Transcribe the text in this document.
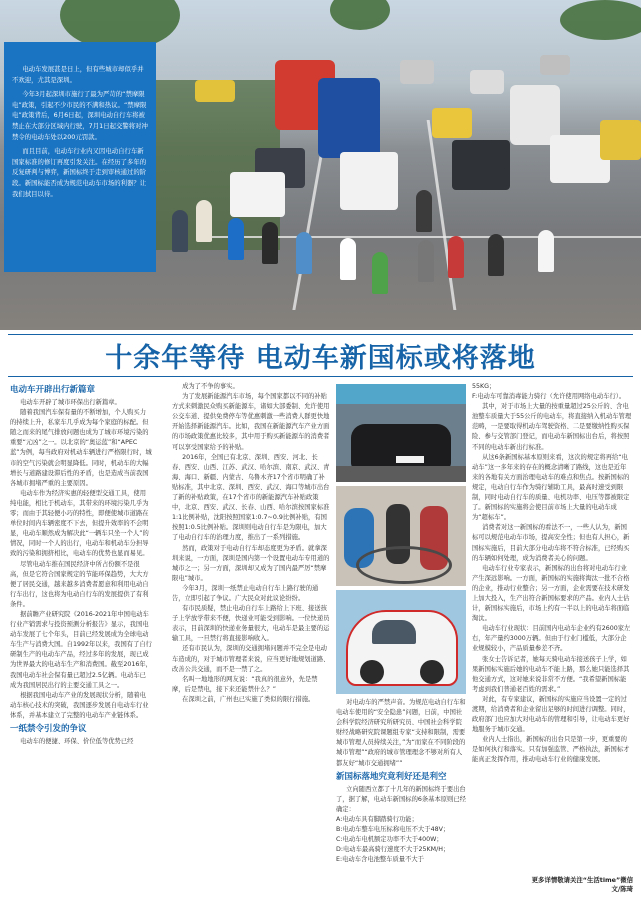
电动车发展甚是日上，但有些城市却似乎并不欢迎，尤其是深圳。

今年3月起深圳市施行了最为严苛的“禁摩限电”政策，引起不少市民的不满和热议。“禁摩限电”政策背后，6月6日起，深圳电动自行车将被禁止在大部分区域内行驶，7月1日起交警将对冲禁令的电动车处以200元罚款。

而且目前，电动车行业内又因电动自行车新国家标准的修订再度引发关注。在经历了多年的反复研判与博弈，新国标终于走到审核通过的阶段。新国标能否成为规范电动车市场的利器？让我们拭目以待。

十余年等待 电动车新国标或将落地
电动车开辟出行新篇章

电动车开辟了城市环保出行新篇章。

随着我国汽车保有量的不断增加，个人购买力的持续上升，私家车几乎成为每个家庭的标配。但随之而来的尾气排放问题也成为了城市环境污染的重要“元凶”之一。以北京的“奥运蓝”和“APEC蓝”为例，每当政府对机动车辆进行严格限行时，城市的空气污染就会明显降低。同时，机动车的大幅增长与道路建设滞后性的矛盾，也是造成当前我国各城市拥堵严重的主要原因。

电动车作为经济实惠的轻便型交通工具，使用纯电能，相比于机动车，其带来的环境污染几乎为零；而由于其轻便小巧的特性，即便使城市道路在单位时间内车辆密度不下去，但提升效率的不会明显，电动车顺然成为解决此“一辆车只坐一个人”的情况，同时一个人的出行，电动车和机动车分担导致的污染和拥挤相比，电动车的优势也显而易见。

尽管电动车推在国民经济中所占份额不是很高，但是它符合国家规定的节能环保趋势，大大方便了居民交通，越来越多消费者愿意和利用电动自行车出行，这也将为电动自行车的发展提供了有利条件。

据前瞻产业研究院《2016-2021年中国电动车行业产销需求与投资预测分析报告》显示，我国电动车发展了七个年头，目前已经发展成为全球电动车生产与消费大国。自1992年以来，我国有了自行研制生产的电动车产品，经过多年的发展，现已成为世界最大的电动车生产和消费国。截至2016年，我国电动车社会保有量已超过2.5亿辆。电动车已成为我国居民出行的主要交通工具之一。

根据我国电动车产业的发展现状分析，随着电动车核心技术的突破，我国逐步发展自电动车行业体系，并基本建立了完整的电动车产业链体系。

一纸禁令引发的争议

电动车的便捷、环保、价位低等优势已经

成为了不争的事实。

为了发展新能源汽车市场，每个国家都以不同的补贴方式来刺激民众购买新能源车，诸如大部委制、允许使用公交车道、提供免费停车等优惠刺激一些消费人群更快地开始选择新能源汽车。比如，我国在新能源汽车产业方面的市场政策优惠比较多，其中用于购买新能源车的消费者可以享受国家给予的补贴。

2016年，全国已有北京、深圳、西安、河北、长春、西安、山西、江苏、武汉、哈尔滨、南京、武汉、青海、海口、新疆、内蒙古、乌鲁木齐17个省市明确了补贴标准，其中北京、深圳、西安、武汉、海口等城市出台了新的补贴政策，在17个省市的新能源汽车补贴政策中，北京、西安、武汉、长春、山西、哈尔滨按国家标准1:1比例补贴，沈阳按照国家1:0.7~0.9比例补贴，有国按照1:0.5比例补贴。深圳则电动自行车是为限电，加大了电动自行车的治理力度，推出了一系列措施。

然而，政策对于电动自行车却态度更为矛盾。就拿深圳来说，一方面，深圳是国内第一个设置电动车专用道的城市之一；另一方面，深圳却又成为了国内最严厉“禁摩限电”城市。

今年3月，深圳一纸禁止电动自行车上路行驶的通告，立即引起了争议。广大民众对此议论纷纷。

有市民质疑，禁止电动自行车上路给上下班、接送孩子上学放学带来不便，快递业可能受到影响。一位快递员表示，目前深圳的快递业务量很大，电动车是最主要的运输工具，一旦禁行将直接影响收入。

还有市民认为，深圳的交通拥堵问题并不完全是电动车造成的，对于城市管理者来说，应当更好地规划道路、改善公共交通，而不是一禁了之。

名叫一地地形的网友说：“我真的很意外，先是禁摩，后是禁电，接下来还能禁什么？”

在深圳之前，广州也已实施了类似的限行措施。	对电动车的严禁声音。为规范电动自行车和电动车使用的“安全隐患”问题，日前，中国社会科学院经济研究所研究员、中国社会科学院财经战略研究院课题组专家“支持和限制，需要城市管理人员持续关注，”为“而家在不同阶段的城市管理”“政府的城市管理理念不够对所有人都友好“城市交通拥堵””

新国标落地究竟利好还是利空

立向随西立都了十几年的新国标终于要出台了，据了解，电动车新国标的6条基本原则已经确定：

A:电动车具有脚踏骑行功能；

B:电动车整车电压标称电压不大于48V；

C:电动车电机额定功率不大于400W；

D:电动车最高骑行速度不大于25KM/H；

E:电动车含电池整车质量不大于

55KG；

F:电动车可靠消毒能力骑行（允许使用网络电动车行）。

其中，对于市场上大量的按重量超过25公斤的、含电池整车质量大于55公斤的电动车，将直接纳入机动车管理范畴，一是要取得机动车驾驶资格、二是要缴纳性购买保险、参与交管部门登记，而电动车新国标出台后，将按照不同的电动车新出行标准。

从这6条新国标基本原则来看，这次的规定将再给“电动车”这一多年来的存在的概念清晰了路线，这也是近年来的各地有关方面治理电动车的难点和焦点。按新国标的规定，电动自行车作为骑行辅助工具，最高时速受到限制，同时电动自行车的质量、电机功率、电压等都被限定了。新国标的实施将会使目前市场上大量的电动车成为“超标车”。

消费者对这一新国标的看法不一，一些人认为，新国标可以规范电动车市场，提高安全性；但也有人担心，新国标实施后，目前大部分电动车将不符合标准，已经购买的车辆如何处理，成为消费者关心的问题。

电动车行业专家表示，新国标的出台将对电动车行业产生深远影响。一方面，新国标的实施将淘汰一批不合格的企业，推动行业整合；另一方面，企业需要在技术研发上加大投入，生产出符合新国标要求的产品。业内人士估计，新国标实施后，市场上约有一半以上的电动车将面临淘汰。

电动车行业现状：目前国内电动车企业约有2600家左右，年产量约3000万辆。但由于行业门槛低，大部分企业规模较小，产品质量参差不齐。

张女士告诉记者，她每天骑电动车接送孩子上学，如果新国标实施后她的电动车不能上路，那么她只能选择其他交通方式，这对她来说非常不方便。“我希望新国标能考虑到我们普通老百姓的需求。”

对此，有专家建议，新国标的实施应当设置一定的过渡期，给消费者和企业留出足够的时间进行调整。同时，政府部门也应加大对电动车的管理和引导，让电动车更好地服务于城市交通。

业内人士指出，新国标的出台只是第一步，更重要的是如何执行和落实。只有加强监管、严格执法，新国标才能真正发挥作用，推动电动车行业的健康发展。

更多详情敬请关注“生活time”微信
文/陈琦
